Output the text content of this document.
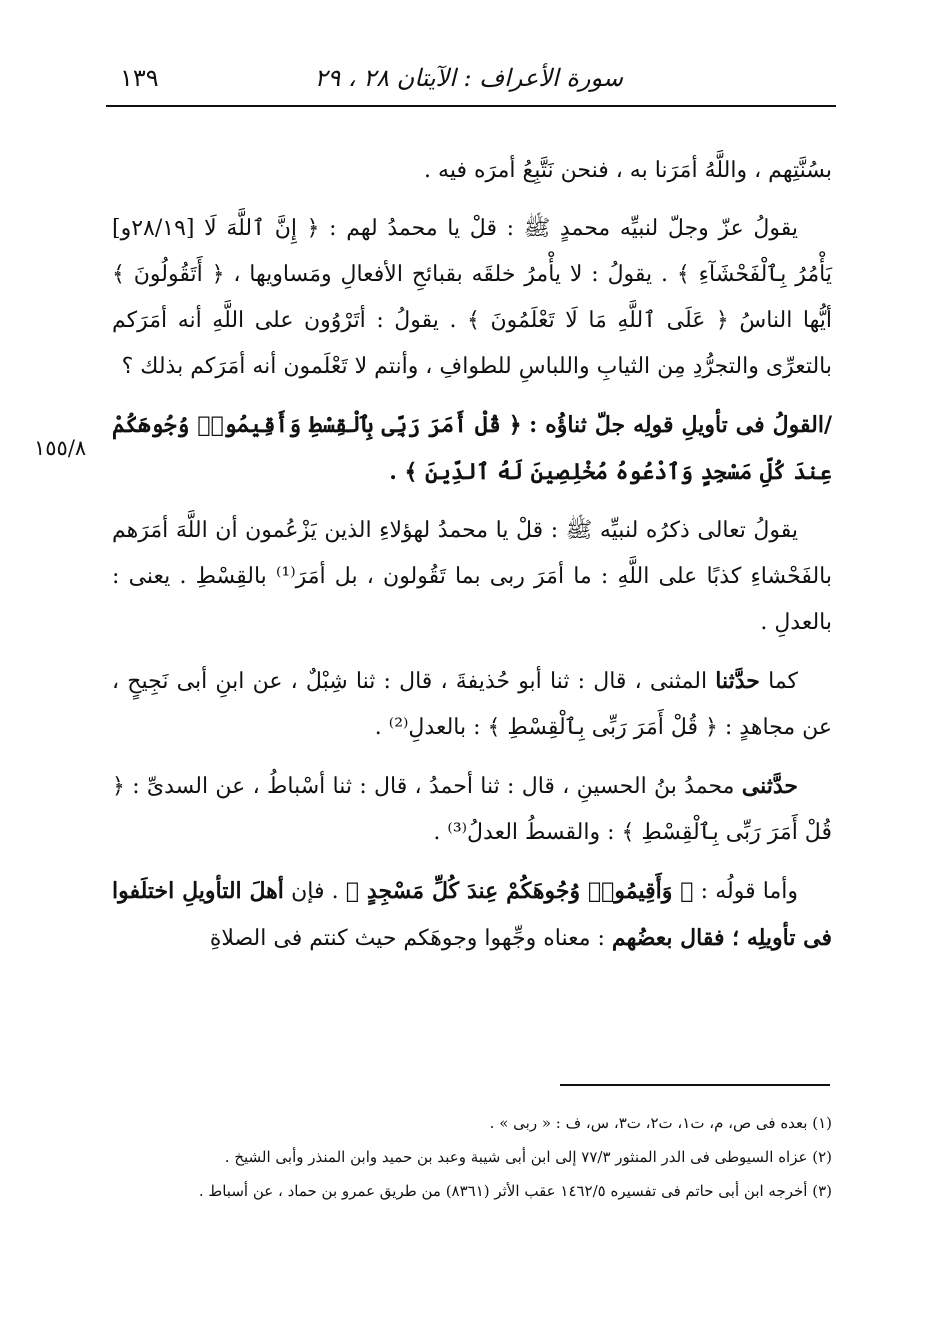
سورة الأعراف : الآيتان ٢٨ ، ٢٩
١٣٩
١٥٥/٨

بسُنَّتِهم ، واللَّهُ أمَرَنا به ، فنحن نَتَّبِعُ أمرَه فيه .

يقولُ عزّ وجلّ لنبيِّه محمدٍ ﷺ : قلْ يا محمدُ لهم : ﴿ إِنَّ ٱللَّهَ لَا [٢٨/١٩و] يَأْمُرُ بِٱلْفَحْشَآءِ ﴾ . يقولُ : لا يأْمرُ خلقَه بقبائحِ الأفعالِ ومَساويها ، ﴿ أَتَقُولُونَ ﴾ أيُّها الناسُ ﴿ عَلَى ٱللَّهِ مَا لَا تَعْلَمُونَ ﴾ . يقولُ : أتَرْوُون على اللَّهِ أنه أمَرَكم بالتعرِّى والتجرُّدِ مِن الثيابِ واللباسِ للطوافِ ، وأنتم لا تَعْلَمون أنه أمَرَكم بذلك ؟

/القولُ فى تأويلِ قولِه جلّ ثناؤُه : ﴿ قُلْ أَمَرَ رَبِّى بِٱلْقِسْطِ وَأَقِيمُوا۟ وُجُوهَكُمْ عِندَ كُلِّ مَسْجِدٍ وَٱدْعُوهُ مُخْلِصِينَ لَهُ ٱلدِّينَ ﴾ .

يقولُ تعالى ذكرُه لنبيِّه ﷺ : قلْ يا محمدُ لهؤلاءِ الذين يَزْعُمون أن اللَّهَ أمَرَهم بالفَحْشاءِ كذبًا على اللَّهِ : ما أمَرَ ربى بما تَقُولون ، بل أمَرَ⁽¹⁾ بالقِسْطِ . يعنى : بالعدلِ .

كما حدَّثنا المثنى ، قال : ثنا أبو حُذيفةَ ، قال : ثنا شِبْلٌ ، عن ابنِ أبى نَجِيحٍ ، عن مجاهدٍ : ﴿ قُلْ أَمَرَ رَبِّى بِٱلْقِسْطِ ﴾ : بالعدلِ⁽²⁾ .

حدَّثنى محمدُ بنُ الحسينِ ، قال : ثنا أحمدُ ، قال : ثنا أسْباطُ ، عن السدىِّ : ﴿ قُلْ أَمَرَ رَبِّى بِٱلْقِسْطِ ﴾ : والقسطُ العدلُ⁽³⁾ .

وأما قولُه : ﴿ وَأَقِيمُوا۟ وُجُوهَكُمْ عِندَ كُلِّ مَسْجِدٍ ﴾ . فإن أهلَ التأويلِ اختلَفوا فى تأويلِه ؛ فقال بعضُهم : معناه وجِّهوا وجوهَكم حيث كنتم فى الصلاةِ

(١) بعده فى ص، م، ت١، ت٢، ت٣، س، ف : « ربى » .

(٢) عزاه السيوطى فى الدر المنثور ٧٧/٣ إلى ابن أبى شيبة وعبد بن حميد وابن المنذر وأبى الشيخ .

(٣) أخرجه ابن أبى حاتم فى تفسيره ١٤٦٢/٥ عقب الأثر (٨٣٦١) من طريق عمرو بن حماد ، عن أسباط .
